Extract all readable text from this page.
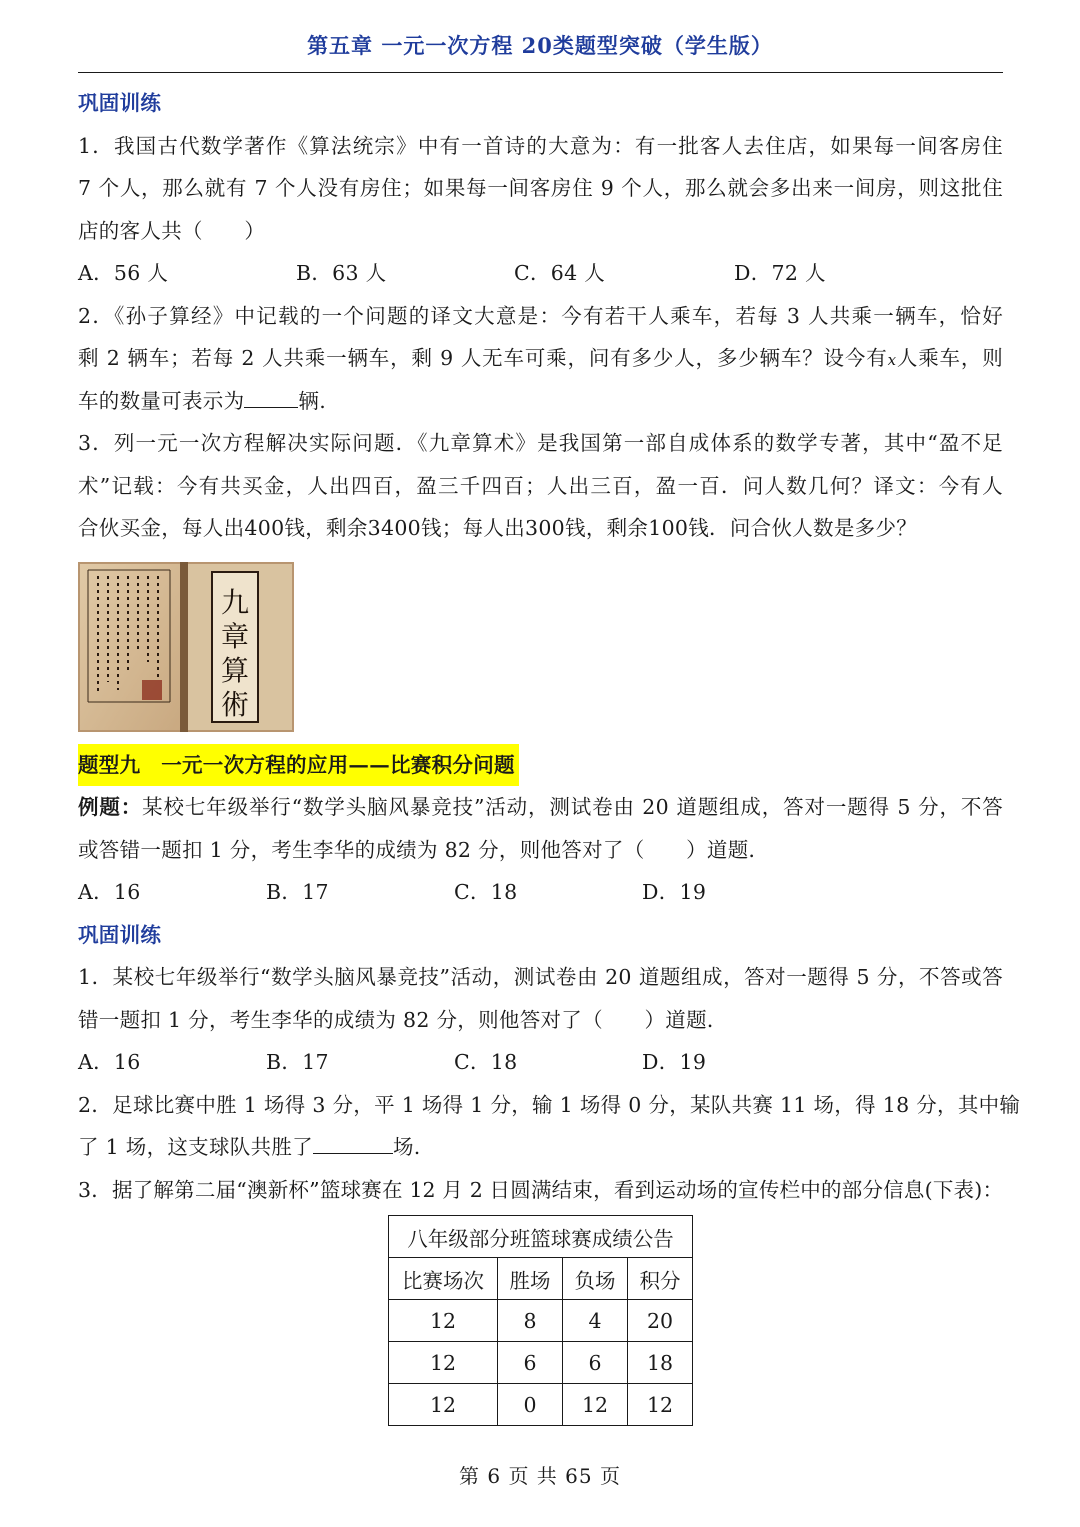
第五章 一元一次方程 20类题型突破（学生版）
巩固训练
1．我国古代数学著作《算法统宗》中有一首诗的大意为：有一批客人去住店，如果每一间客房住
7 个人，那么就有 7 个人没有房住；如果每一间客房住 9 个人，那么就会多出来一间房，则这批住
店的客人共（　　）
A．56 人	B．63 人	C．64 人	D．72 人
2．《孙子算经》中记载的一个问题的译文大意是：今有若干人乘车，若每 3 人共乘一辆车，恰好
剩 2 辆车；若每 2 人共乘一辆车，剩 9 人无车可乘，问有多少人，多少辆车？设今有x人乘车，则
车的数量可表示为	辆.
3．列一元一次方程解决实际问题．《九章算术》是我国第一部自成体系的数学专著，其中“盈不足
术”记载：今有共买金，人出四百，盈三千四百；人出三百，盈一百．问人数几何？译文：今有人
合伙买金，每人出400钱，剩余3400钱；每人出300钱，剩余100钱．问合伙人数是多少？
九
章
算
術
题型九　一元一次方程的应用——比赛积分问题
例题：某校七年级举行“数学头脑风暴竞技”活动，测试卷由 20 道题组成，答对一题得 5 分，不答
或答错一题扣 1 分，考生李华的成绩为 82 分，则他答对了（　　）道题．
A．16	B．17	C．18	D．19
巩固训练
1．某校七年级举行“数学头脑风暴竞技”活动，测试卷由 20 道题组成，答对一题得 5 分，不答或答
错一题扣 1 分，考生李华的成绩为 82 分，则他答对了（　　）道题．
A．16	B．17	C．18	D．19
2．足球比赛中胜 1 场得 3 分，平 1 场得 1 分，输 1 场得 0 分，某队共赛 11 场，得 18 分，其中输
了 1 场，这支球队共胜了	场.
3．据了解第二届“澳新杯”篮球赛在 12 月 2 日圆满结束，看到运动场的宣传栏中的部分信息(下表)：
八年级部分班篮球赛成绩公告			
比赛场次	胜场	负场	积分
12	8	4	20
12	6	6	18
12	0	12	12
第 6 页 共 65 页
